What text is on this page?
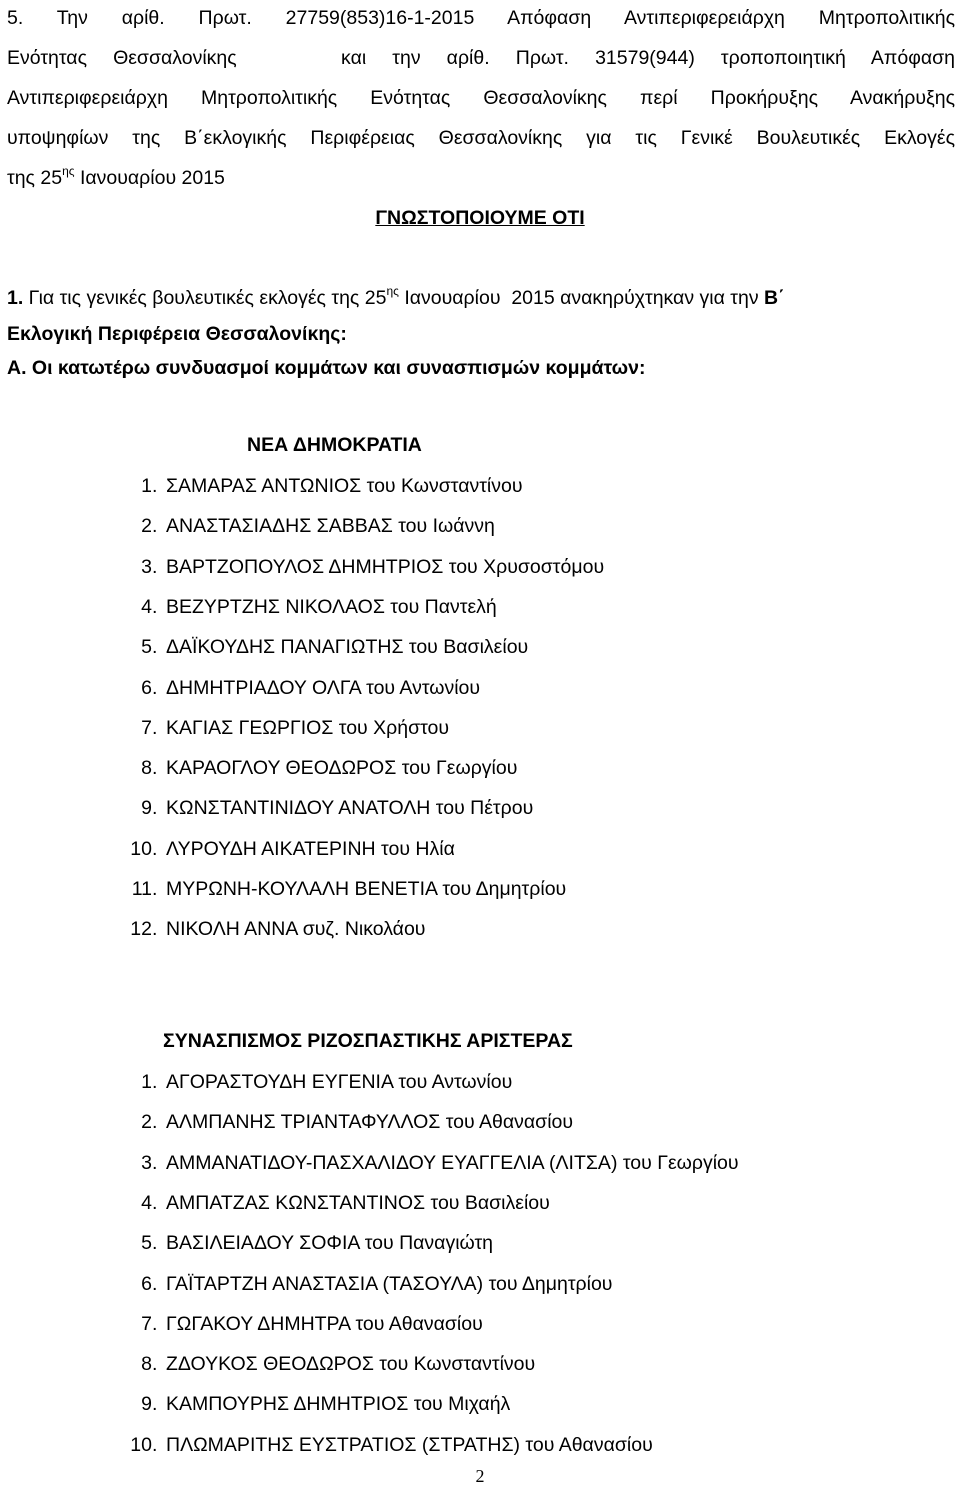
5. Την αρίθ. Πρωτ. 27759(853)16-1-2015 Απόφαση Αντιπεριφερειάρχη Μητροπολιτικής
Ενότητας Θεσσαλονίκης    και την αρίθ. Πρωτ. 31579(944) τροποποιητική Απόφαση
Αντιπεριφερειάρχη Μητροπολιτικής Ενότητας Θεσσαλονίκης περί Προκήρυξης Ανακήρυξης
υποψηφίων της Β΄εκλογικής Περιφέρειας Θεσσαλονίκης για τις Γενικέ Βουλευτικές Εκλογές
της $25^{\eta\varsigma}$ Ιανουαρίου 2015
ΓΝΩΣΤΟΠΟΙΟΥΜΕ ΟΤΙ
1. Για τις γενικές βουλευτικές εκλογές της $25^{\eta\varsigma}$ Ιανουαρίου  2015 ανακηρύχτηκαν για την Β΄
Εκλογική Περιφέρεια Θεσσαλονίκης:
Α. Οι κατωτέρω συνδυασμοί κομμάτων και συνασπισμών κομμάτων:
ΝΕΑ ΔΗΜΟΚΡΑΤΙΑ
1. ΣΑΜΑΡΑΣ ΑΝΤΩΝΙΟΣ του Κωνσταντίνου
2. ΑΝΑΣΤΑΣΙΑΔΗΣ ΣΑΒΒΑΣ του Ιωάννη
3. ΒΑΡΤΖΟΠΟΥΛΟΣ ΔΗΜΗΤΡΙΟΣ του Χρυσοστόμου
4. ΒΕΖΥΡΤΖΗΣ ΝΙΚΟΛΑΟΣ του Παντελή
5. ΔΑΪΚΟΥΔΗΣ ΠΑΝΑΓΙΩΤΗΣ του Βασιλείου
6. ΔΗΜΗΤΡΙΑΔΟΥ ΟΛΓΑ του Αντωνίου
7. ΚΑΓΙΑΣ ΓΕΩΡΓΙΟΣ του Χρήστου
8. ΚΑΡΑΟΓΛΟΥ ΘΕΟΔΩΡΟΣ του Γεωργίου
9. ΚΩΝΣΤΑΝΤΙΝΙΔΟΥ ΑΝΑΤΟΛΗ του Πέτρου
10. ΛΥΡΟΥΔΗ ΑΙΚΑΤΕΡΙΝΗ του Ηλία
11. ΜΥΡΩΝΗ-ΚΟΥΛΑΛΗ ΒΕΝΕΤΙΑ του Δημητρίου
12. ΝΙΚΟΛΗ ΑΝΝΑ συζ. Νικολάου
ΣΥΝΑΣΠΙΣΜΟΣ ΡΙΖΟΣΠΑΣΤΙΚΗΣ ΑΡΙΣΤΕΡΑΣ
1. ΑΓΟΡΑΣΤΟΥΔΗ ΕΥΓΕΝΙΑ του Αντωνίου
2. ΑΛΜΠΑΝΗΣ ΤΡΙΑΝΤΑΦΥΛΛΟΣ του Αθανασίου
3. ΑΜΜΑΝΑΤΙΔΟΥ-ΠΑΣΧΑΛΙΔΟΥ ΕΥΑΓΓΕΛΙΑ (ΛΙΤΣΑ) του Γεωργίου
4. ΑΜΠΑΤΖΑΣ ΚΩΝΣΤΑΝΤΙΝΟΣ του Βασιλείου
5. ΒΑΣΙΛΕΙΑΔΟΥ ΣΟΦΙΑ του Παναγιώτη
6. ΓΑΪΤΑΡΤΖΗ ΑΝΑΣΤΑΣΙΑ (ΤΑΣΟΥΛΑ) του Δημητρίου
7. ΓΩΓΑΚΟΥ ΔΗΜΗΤΡΑ του Αθανασίου
8. ΖΔΟΥΚΟΣ ΘΕΟΔΩΡΟΣ του Κωνσταντίνου
9. ΚΑΜΠΟΥΡΗΣ ΔΗΜΗΤΡΙΟΣ του Μιχαήλ
10. ΠΛΩΜΑΡΙΤΗΣ ΕΥΣΤΡΑΤΙΟΣ (ΣΤΡΑΤΗΣ) του Αθανασίου
2
